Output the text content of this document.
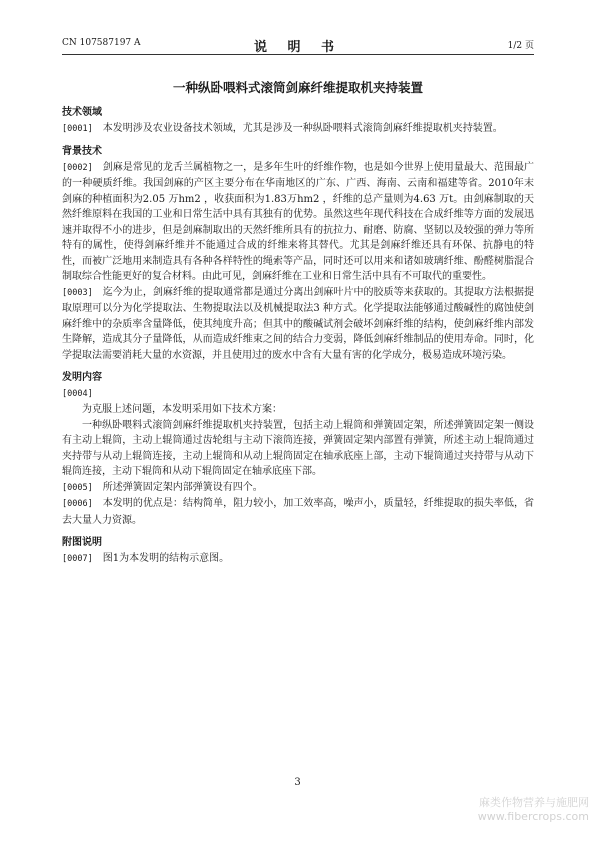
CN 107587197 A	说 明 书	1/2 页
一种纵卧喂料式滚筒剑麻纤维提取机夹持装置
技术领域

[0001] 本发明涉及农业设备技术领域，尤其是涉及一种纵卧喂料式滚筒剑麻纤维提取机夹持装置。

背景技术

[0002] 剑麻是常见的龙舌兰属植物之一，是多年生叶的纤维作物，也是如今世界上使用量最大、范围最广的一种硬质纤维。我国剑麻的产区主要分布在华南地区的广东、广西、海南、云南和福建等省。2010年末剑麻的种植面积为2.05 万hm2 ，收获面积为1.83万hm2 ，纤维的总产量则为4.63 万t。由剑麻制取的天然纤维原料在我国的工业和日常生活中具有其独有的优势。虽然这些年现代科技在合成纤维等方面的发展迅速并取得不小的进步，但是剑麻制取出的天然纤维所具有的抗拉力、耐磨、防腐、坚韧以及较强的弹力等所特有的属性，使得剑麻纤维并不能通过合成的纤维来将其替代。尤其是剑麻纤维还具有环保、抗静电的特性，而被广泛地用来制造具有各种各样特性的绳索等产品，同时还可以用来和诸如玻璃纤维、酚醛树脂混合制取综合性能更好的复合材料。由此可见，剑麻纤维在工业和日常生活中具有不可取代的重要性。

[0003] 迄今为止，剑麻纤维的提取通常都是通过分离出剑麻叶片中的胶质等来获取的。其提取方法根据提取原理可以分为化学提取法、生物提取法以及机械提取法3 种方式。化学提取法能够通过酸碱性的腐蚀使剑麻纤维中的杂质率含量降低，使其纯度升高；但其中的酸碱试剂会破坏剑麻纤维的结构，使剑麻纤维内部发生降解，造成其分子量降低，从而造成纤维束之间的结合力变弱，降低剑麻纤维制品的使用寿命。同时，化学提取法需要消耗大量的水资源，并且使用过的废水中含有大量有害的化学成分，极易造成环境污染。

发明内容

[0004]

为克服上述问题，本发明采用如下技术方案：

一种纵卧喂料式滚筒剑麻纤维提取机夹持装置，包括主动上辊筒和弹簧固定架，所述弹簧固定架一侧设有主动上辊筒，主动上辊筒通过齿轮组与主动下滚筒连接，弹簧固定架内部置有弹簧，所述主动上辊筒通过夹持带与从动上辊筒连接，主动上辊筒和从动上辊筒固定在轴承底座上部，主动下辊筒通过夹持带与从动下辊筒连接，主动下辊筒和从动下辊筒固定在轴承底座下部。

[0005] 所述弹簧固定架内部弹簧设有四个。

[0006] 本发明的优点是：结构简单，阻力较小，加工效率高，噪声小，质量轻，纤维提取的损失率低，省去大量人力资源。

附图说明

[0007] 图1为本发明的结构示意图。

3
麻类作物营养与施肥网
www.fibercrops.com
